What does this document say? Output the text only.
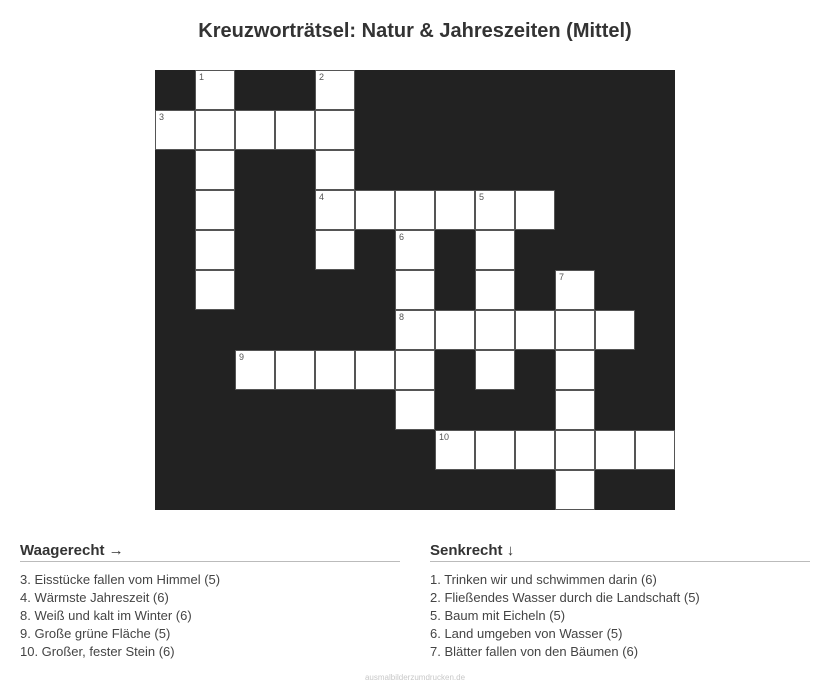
Kreuzworträtsel: Natur & Jahreszeiten (Mittel)
1	2
3
4	5
6
7
8
9
10
Waagerecht →
3. Eisstücke fallen vom Himmel (5)
4. Wärmste Jahreszeit (6)
8. Weiß und kalt im Winter (6)
9. Große grüne Fläche (5)
10. Großer, fester Stein (6)
Senkrecht ↓
1. Trinken wir und schwimmen darin (6)
2. Fließendes Wasser durch die Landschaft (5)
5. Baum mit Eicheln (5)
6. Land umgeben von Wasser (5)
7. Blätter fallen von den Bäumen (6)
ausmalbilderzumdrucken.de
